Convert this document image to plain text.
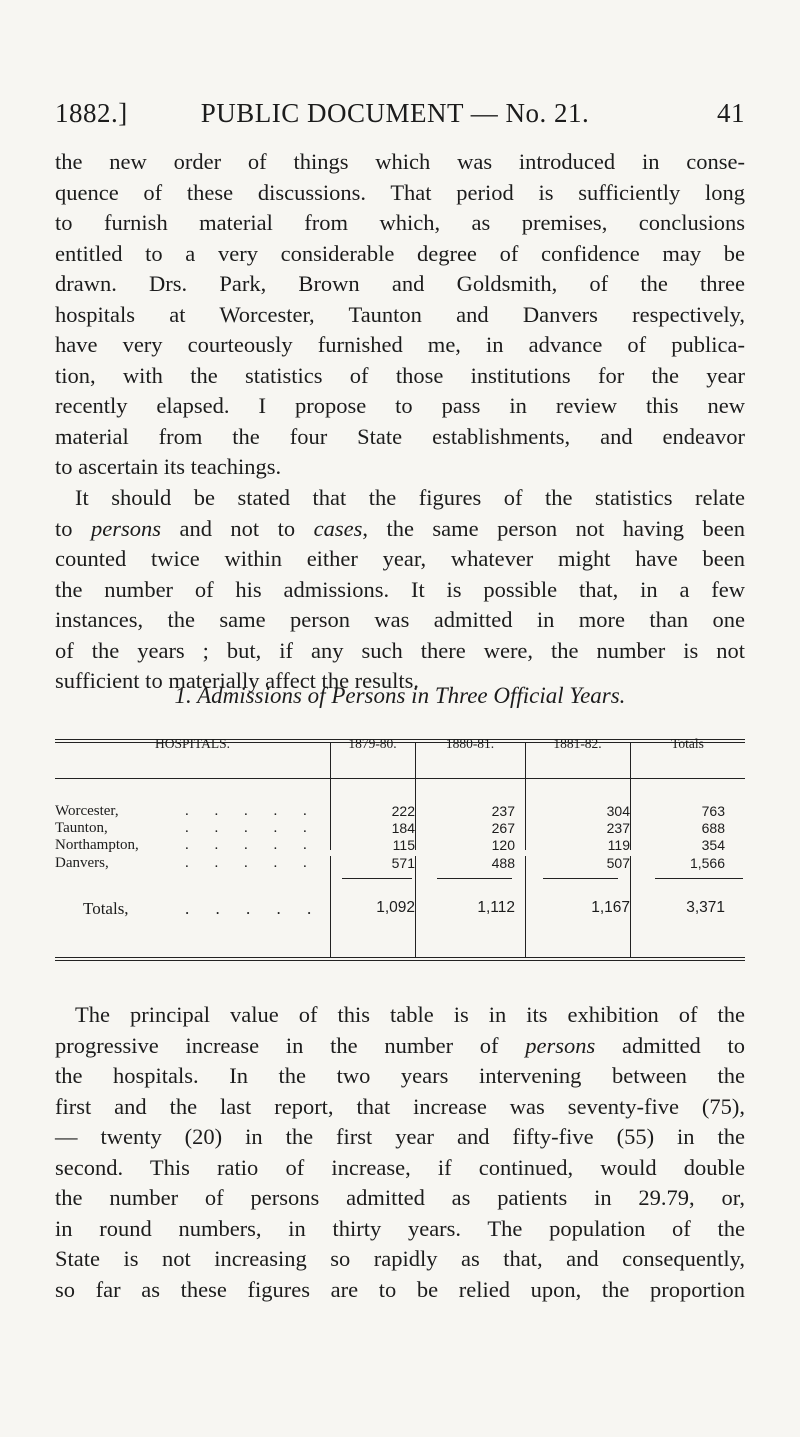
1882.]	PUBLIC DOCUMENT — No. 21.	41
the new order of things which was introduced in conse-
quence of these discussions. That period is sufficiently long
to furnish material from which, as premises, conclusions
entitled to a very considerable degree of confidence may be
drawn. Drs. Park, Brown and Goldsmith, of the three
hospitals at Worcester, Taunton and Danvers respectively,
have very courteously furnished me, in advance of publica-
tion, with the statistics of those institutions for the year
recently elapsed. I propose to pass in review this new
material from the four State establishments, and endeavor
to ascertain its teachings.
It should be stated that the figures of the statistics relate
to persons and not to cases, the same person not having been
counted twice within either year, whatever might have been
the number of his admissions. It is possible that, in a few
instances, the same person was admitted in more than one
of the years ; but, if any such there were, the number is not
sufficient to materially affect the results.
1. Admissions of Persons in Three Official Years.
HOSPITALS.	1879-80.	1880-81.	1881-82.	Totals
Worcester,	. . . . .	222	237	304	763
Taunton,	. . . . .	184	267	237	688
Northampton,	. . . . .	115	120	119	354
Danvers,	. . . . .	571	488	507	1,566
Totals,	. . . . .	1,092	1,112	1,167	3,371
The principal value of this table is in its exhibition of the
progressive increase in the number of persons admitted to
the hospitals. In the two years intervening between the
first and the last report, that increase was seventy-five (75),
— twenty (20) in the first year and fifty-five (55) in the
second. This ratio of increase, if continued, would double
the number of persons admitted as patients in 29.79, or,
in round numbers, in thirty years. The population of the
State is not increasing so rapidly as that, and consequently,
so far as these figures are to be relied upon, the proportion
